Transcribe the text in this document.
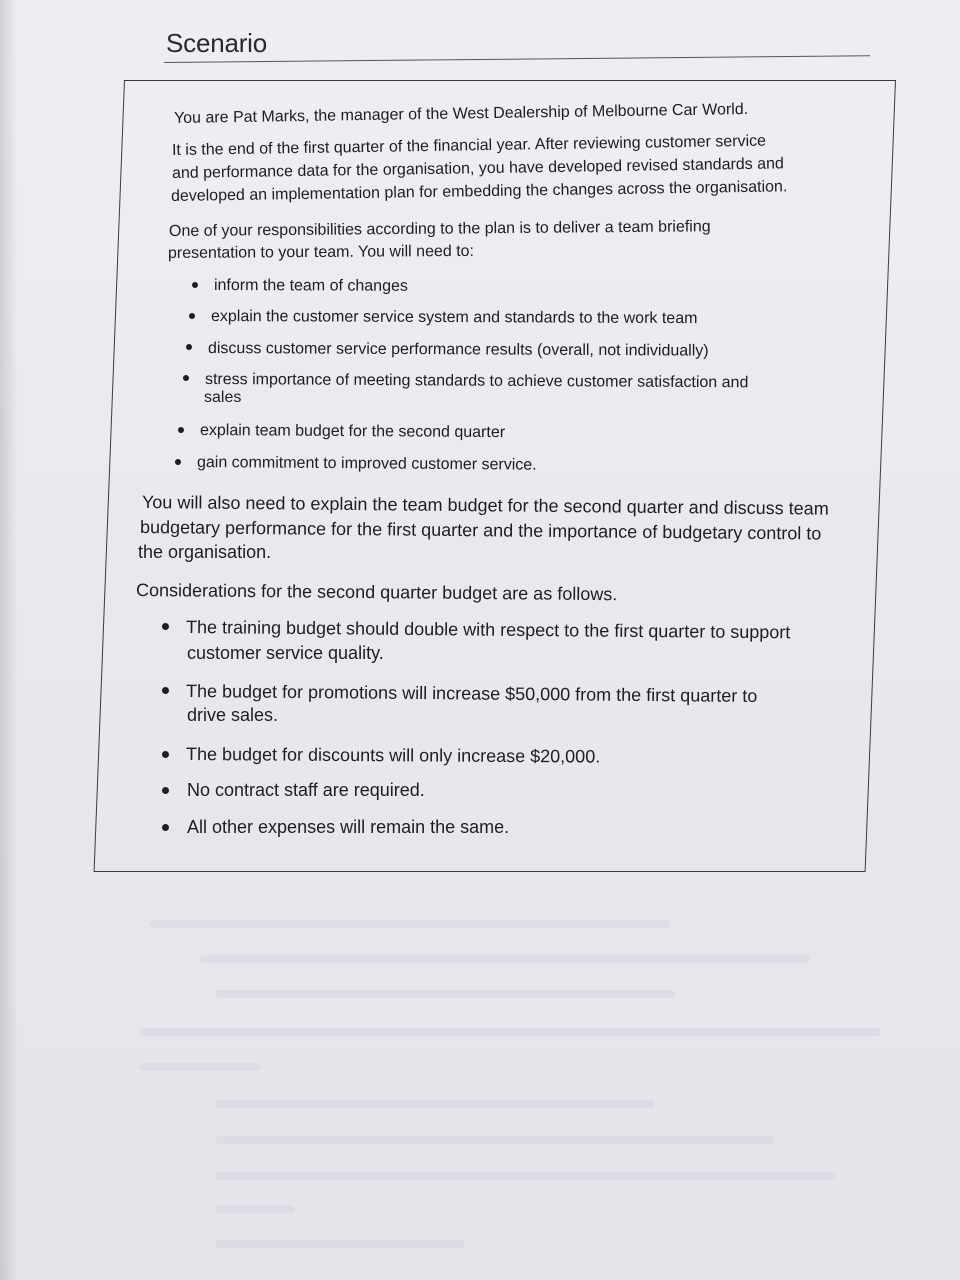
Scenario

You are Pat Marks, the manager of the West Dealership of Melbourne Car World.

It is the end of the first quarter of the financial year. After reviewing customer service

and performance data for the organisation, you have developed revised standards and

developed an implementation plan for embedding the changes across the organisation.

One of your responsibilities according to the plan is to deliver a team briefing

presentation to your team. You will need to:

inform the team of changes

explain the customer service system and standards to the work team

discuss customer service performance results (overall, not individually)

stress importance of meeting standards to achieve customer satisfaction and

sales

explain team budget for the second quarter

gain commitment to improved customer service.

You will also need to explain the team budget for the second quarter and discuss team

budgetary performance for the first quarter and the importance of budgetary control to

the organisation.

Considerations for the second quarter budget are as follows.

The training budget should double with respect to the first quarter to support

customer service quality.

The budget for promotions will increase $50,000 from the first quarter to

drive sales.

The budget for discounts will only increase $20,000.

No contract staff are required.

All other expenses will remain the same.
